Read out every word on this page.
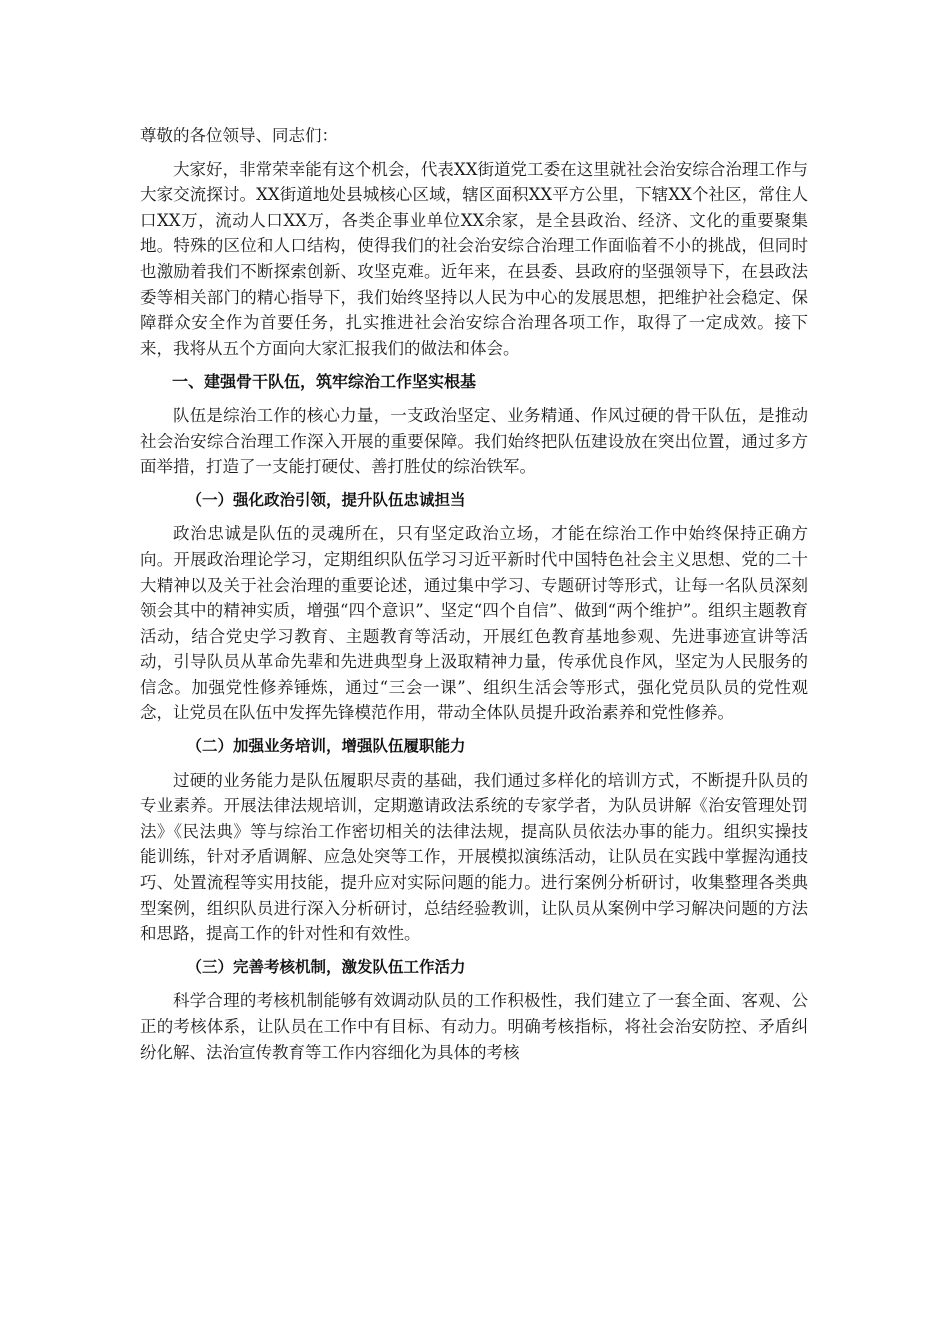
尊敬的各位领导、同志们：

大家好，非常荣幸能有这个机会，代表XX街道党工委在这里就社会治安综合治理工作与大家交流探讨。XX街道地处县城核心区域，辖区面积XX平方公里，下辖XX个社区，常住人口XX万，流动人口XX万，各类企事业单位XX余家，是全县政治、经济、文化的重要聚集地。特殊的区位和人口结构，使得我们的社会治安综合治理工作面临着不小的挑战，但同时也激励着我们不断探索创新、攻坚克难。近年来，在县委、县政府的坚强领导下，在县政法委等相关部门的精心指导下，我们始终坚持以人民为中心的发展思想，把维护社会稳定、保障群众安全作为首要任务，扎实推进社会治安综合治理各项工作，取得了一定成效。接下来，我将从五个方面向大家汇报我们的做法和体会。

一、建强骨干队伍，筑牢综治工作坚实根基

队伍是综治工作的核心力量，一支政治坚定、业务精通、作风过硬的骨干队伍，是推动社会治安综合治理工作深入开展的重要保障。我们始终把队伍建设放在突出位置，通过多方面举措，打造了一支能打硬仗、善打胜仗的综治铁军。

（一）强化政治引领，提升队伍忠诚担当

政治忠诚是队伍的灵魂所在，只有坚定政治立场，才能在综治工作中始终保持正确方向。开展政治理论学习，定期组织队伍学习习近平新时代中国特色社会主义思想、党的二十大精神以及关于社会治理的重要论述，通过集中学习、专题研讨等形式，让每一名队员深刻领会其中的精神实质，增强“四个意识”、坚定“四个自信”、做到“两个维护”。组织主题教育活动，结合党史学习教育、主题教育等活动，开展红色教育基地参观、先进事迹宣讲等活动，引导队员从革命先辈和先进典型身上汲取精神力量，传承优良作风，坚定为人民服务的信念。加强党性修养锤炼，通过“三会一课”、组织生活会等形式，强化党员队员的党性观念，让党员在队伍中发挥先锋模范作用，带动全体队员提升政治素养和党性修养。

（二）加强业务培训，增强队伍履职能力

过硬的业务能力是队伍履职尽责的基础，我们通过多样化的培训方式，不断提升队员的专业素养。开展法律法规培训，定期邀请政法系统的专家学者，为队员讲解《治安管理处罚法》《民法典》等与综治工作密切相关的法律法规，提高队员依法办事的能力。组织实操技能训练，针对矛盾调解、应急处突等工作，开展模拟演练活动，让队员在实践中掌握沟通技巧、处置流程等实用技能，提升应对实际问题的能力。进行案例分析研讨，收集整理各类典型案例，组织队员进行深入分析研讨，总结经验教训，让队员从案例中学习解决问题的方法和思路，提高工作的针对性和有效性。

（三）完善考核机制，激发队伍工作活力

科学合理的考核机制能够有效调动队员的工作积极性，我们建立了一套全面、客观、公正的考核体系，让队员在工作中有目标、有动力。明确考核指标，将社会治安防控、矛盾纠纷化解、法治宣传教育等工作内容细化为具体的考核
